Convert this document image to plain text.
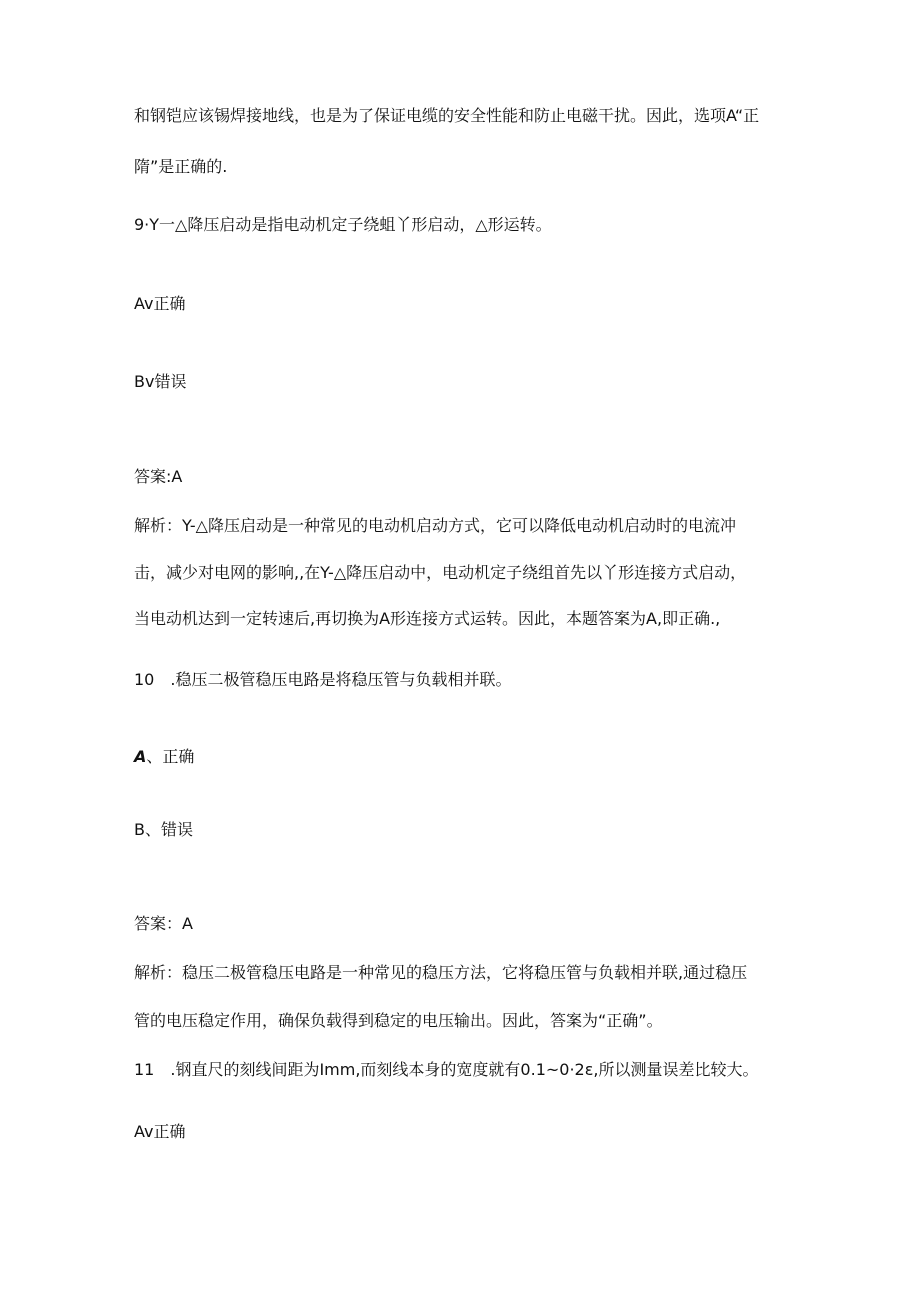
和钢铠应该锡焊接地线，也是为了保证电缆的安全性能和防止电磁干扰。因此，选项A“正
隋”是正确的.
9·Y一△降压启动是指电动机定子绕蛆丫形启动，△形运转。
Av正确
Bv错误
答案:A
解析：Y-△降压启动是一种常见的电动机启动方式，它可以降低电动机启动时的电流冲
击，减少对电网的影响,,在Y-△降压启动中，电动机定子绕组首先以丫形连接方式启动，
当电动机达到一定转速后,再切换为A形连接方式运转。因此，本题答案为A,即正确.,
10　.稳压二极管稳压电路是将稳压管与负载相并联。
A、正确
B、错误
答案：A
解析：稳压二极管稳压电路是一种常见的稳压方法，它将稳压管与负载相并联,通过稳压
管的电压稳定作用，确保负载得到稳定的电压输出。因此，答案为“正确”。
11　.钢直尺的刻线间距为Imm,而刻线本身的宽度就有0.1~0·2ε,所以测量误差比较大。
Av正确
